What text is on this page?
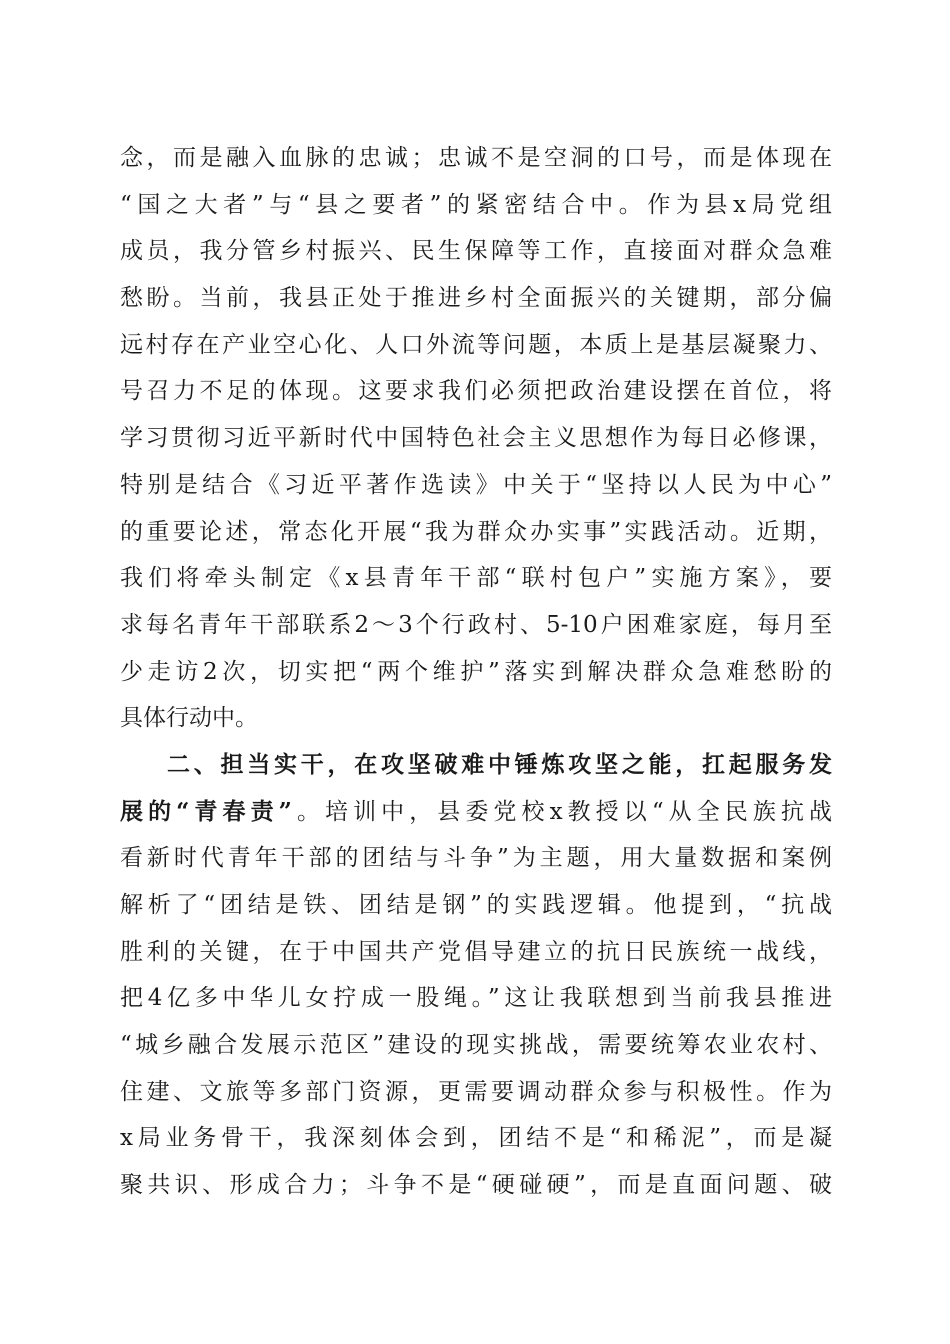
念，而是融入血脉的忠诚；忠诚不是空洞的口号，而是体现在
“国之大者”与“县之要者”的紧密结合中。作为县x局党组
成员，我分管乡村振兴、民生保障等工作，直接面对群众急难
愁盼。当前，我县正处于推进乡村全面振兴的关键期，部分偏
远村存在产业空心化、人口外流等问题，本质上是基层凝聚力、
号召力不足的体现。这要求我们必须把政治建设摆在首位，将
学习贯彻习近平新时代中国特色社会主义思想作为每日必修课，
特别是结合《习近平著作选读》中关于“坚持以人民为中心”
的重要论述，常态化开展“我为群众办实事”实践活动。近期，
我们将牵头制定《x县青年干部“联村包户”实施方案》，要
求每名青年干部联系2～3个行政村、5-10户困难家庭，每月至
少走访2次，切实把“两个维护”落实到解决群众急难愁盼的
具体行动中。
二、担当实干，在攻坚破难中锤炼攻坚之能，扛起服务发
展的“青春责”。培训中，县委党校x教授以“从全民族抗战
看新时代青年干部的团结与斗争”为主题，用大量数据和案例
解析了“团结是铁、团结是钢”的实践逻辑。他提到，“抗战
胜利的关键，在于中国共产党倡导建立的抗日民族统一战线，
把4亿多中华儿女拧成一股绳。”这让我联想到当前我县推进
“城乡融合发展示范区”建设的现实挑战，需要统筹农业农村、
住建、文旅等多部门资源，更需要调动群众参与积极性。作为
x局业务骨干，我深刻体会到，团结不是“和稀泥”，而是凝
聚共识、形成合力；斗争不是“硬碰硬”，而是直面问题、破
